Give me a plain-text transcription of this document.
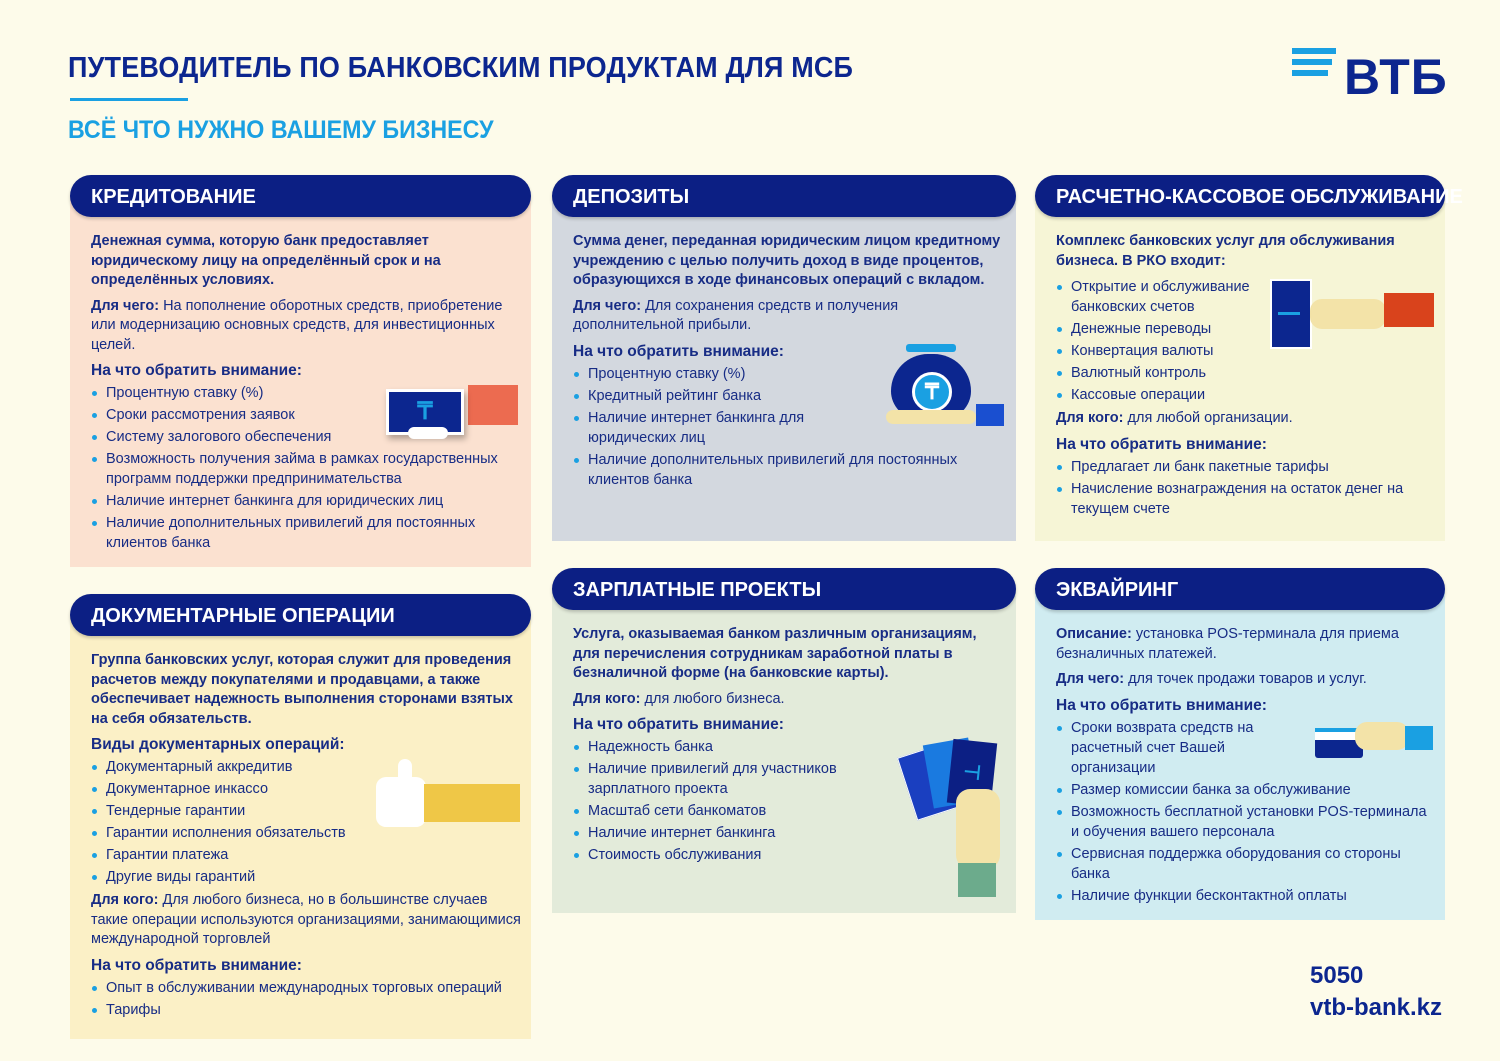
ПУТЕВОДИТЕЛЬ ПО БАНКОВСКИМ ПРОДУКТАМ ДЛЯ МСБ
ВСЁ ЧТО НУЖНО ВАШЕМУ БИЗНЕСУ
ВТБ
КРЕДИТОВАНИЕ
Денежная сумма, которую банк предоставляет юридическому лицу на определённый срок и на определённых условиях.
Для чего: На пополнение оборотных средств, приобретение или модернизацию основных средств, для инвестиционных целей.
На что обратить внимание:
₸
Процентную ставку (%)
Сроки рассмотрения заявок
Систему залогового обеспечения
Возможность получения займа в рамках государственных программ поддержки предпринимательства
Наличие интернет банкинга для юридических лиц
Наличие дополнительных привилегий для постоянных клиентов банка
ДОКУМЕНТАРНЫЕ ОПЕРАЦИИ
Группа банковских услуг, которая служит для проведения расчетов между покупателями и продавцами, а также обеспечивает надежность выполнения сторонами взятых на себя обязательств.
Виды документарных операций:
Документарный аккредитив
Документарное инкассо
Тендерные гарантии
Гарантии исполнения обязательств
Гарантии платежа
Другие виды гарантий
Для кого: Для любого бизнеса, но в большинстве случаев такие операции используются организациями, занимающимися международной торговлей
На что обратить внимание:
Опыт в обслуживании международных торговых операций
Тарифы
ДЕПОЗИТЫ
Сумма денег, переданная юридическим лицом кредитному учреждению с целью получить доход в виде процентов, образующихся в ходе финансовых операций с вкладом.
Для чего: Для сохранения средств и получения дополнительной прибыли.
₸
На что обратить внимание:
Процентную ставку (%)
Кредитный рейтинг банка
Наличие интернет банкинга для юридических лиц
Наличие дополнительных привилегий для постоянных клиентов банка
ЗАРПЛАТНЫЕ ПРОЕКТЫ
Услуга, оказываемая банком различным организациям, для перечисления сотрудникам заработной платы в безналичной форме (на банковские карты).
Для кого: для любого бизнеса.
На что обратить внимание:
⊣
Надежность банка
Наличие привилегий для участников зарплатного проекта
Масштаб сети банкоматов
Наличие интернет банкинга
Стоимость обслуживания
РАСЧЕТНО-КАССОВОЕ ОБСЛУЖИВАНИЕ
Комплекс банковских услуг для обслуживания бизнеса. В РКО входит:
Открытие и обслуживание банковских счетов
Денежные переводы
Конвертация валюты
Валютный контроль
Кассовые операции
Для кого: для любой организации.
На что обратить внимание:
Предлагает ли банк пакетные тарифы
Начисление вознаграждения на остаток денег на текущем счете
ЭКВАЙРИНГ
Описание: установка POS-терминала для приема безналичных платежей.
Для чего: для точек продажи товаров и услуг.
На что обратить внимание:
Сроки возврата средств на расчетный счет Вашей организации
Размер комиссии банка за обслуживание
Возможность бесплатной установки POS-терминала и обучения вашего персонала
Сервисная поддержка оборудования со стороны банка
Наличие функции бесконтактной оплаты
5050
vtb-bank.kz
